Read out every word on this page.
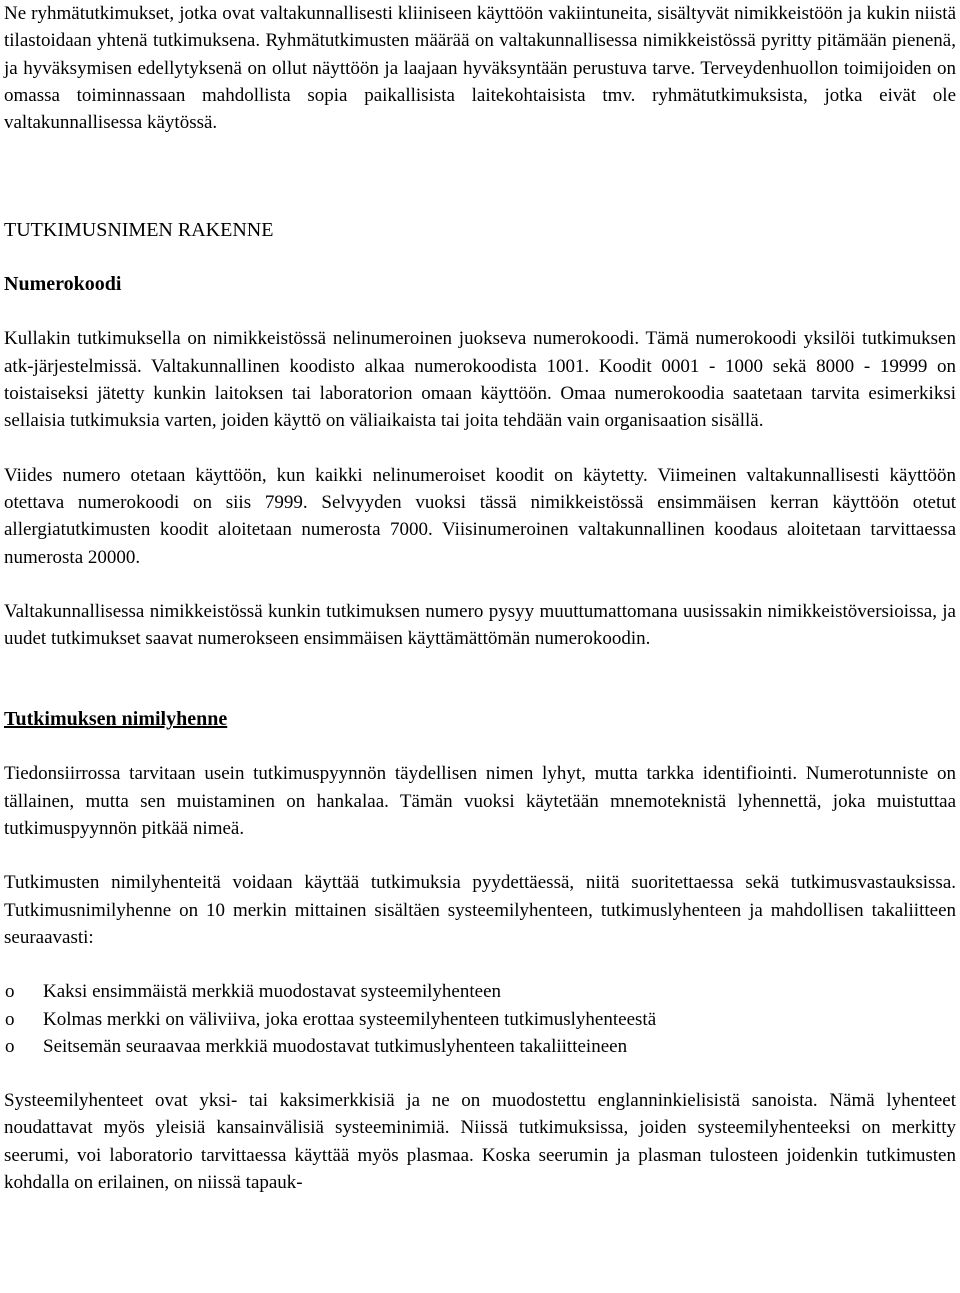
Ne ryhmätutkimukset, jotka ovat valtakunnallisesti kliiniseen käyttöön vakiintuneita, sisältyvät nimikkeistöön ja kukin niistä tilastoidaan yhtenä tutkimuksena. Ryhmätutkimusten määrää on valtakunnallisessa nimikkeistössä pyritty pitämään pienenä, ja hyväksymisen edellytyksenä on ollut näyttöön ja laajaan hyväksyntään perustuva tarve. Terveydenhuollon toimijoiden on omassa toiminnassaan mahdollista sopia paikallisista laitekohtaisista tmv. ryhmätutkimuksista, jotka eivät ole valtakunnallisessa käytössä.

TUTKIMUSNIMEN RAKENNE
Numerokoodi

Kullakin tutkimuksella on nimikkeistössä nelinumeroinen juokseva numerokoodi. Tämä numerokoodi yksilöi tutkimuksen atk-järjestelmissä. Valtakunnallinen koodisto alkaa numerokoodista 1001. Koodit 0001 - 1000 sekä 8000 - 19999 on toistaiseksi jätetty kunkin laitoksen tai laboratorion omaan käyttöön. Omaa numerokoodia saatetaan tarvita esimerkiksi sellaisia tutkimuksia varten, joiden käyttö on väliaikaista tai joita tehdään vain organisaation sisällä.

Viides numero otetaan käyttöön, kun kaikki nelinumeroiset koodit on käytetty. Viimeinen valtakunnallisesti käyttöön otettava numerokoodi on siis 7999. Selvyyden vuoksi tässä nimikkeistössä ensimmäisen kerran käyttöön otetut allergiatutkimusten koodit aloitetaan numerosta 7000. Viisinumeroinen valtakunnallinen koodaus aloitetaan tarvittaessa numerosta 20000.

Valtakunnallisessa nimikkeistössä kunkin tutkimuksen numero pysyy muuttumattomana uusissakin nimikkeistöversioissa, ja uudet tutkimukset saavat numerokseen ensimmäisen käyttämättömän numerokoodin.

Tutkimuksen nimilyhenne

Tiedonsiirrossa tarvitaan usein tutkimuspyynnön täydellisen nimen lyhyt, mutta tarkka identifiointi. Numerotunniste on tällainen, mutta sen muistaminen on hankalaa. Tämän vuoksi käytetään mnemoteknistä lyhennettä, joka muistuttaa tutkimuspyynnön pitkää nimeä.

Tutkimusten nimilyhenteitä voidaan käyttää tutkimuksia pyydettäessä, niitä suoritettaessa sekä tutkimusvastauksissa. Tutkimusnimilyhenne on 10 merkin mittainen sisältäen systeemilyhenteen, tutkimuslyhenteen ja mahdollisen takaliitteen seuraavasti:

o	Kaksi ensimmäistä merkkiä muodostavat systeemilyhenteen
o	Kolmas merkki on väliviiva, joka erottaa systeemilyhenteen tutkimuslyhenteestä
o	Seitsemän seuraavaa merkkiä muodostavat tutkimuslyhenteen takaliitteineen

Systeemilyhenteet ovat yksi- tai kaksimerkkisiä ja ne on muodostettu englanninkielisistä sanoista. Nämä lyhenteet noudattavat myös yleisiä kansainvälisiä systeeminimiä. Niissä tutkimuksissa, joiden systeemilyhenteeksi on merkitty seerumi, voi laboratorio tarvittaessa käyttää myös plasmaa. Koska seerumin ja plasman tulosteen joidenkin tutkimusten kohdalla on erilainen, on niissä tapauk-
